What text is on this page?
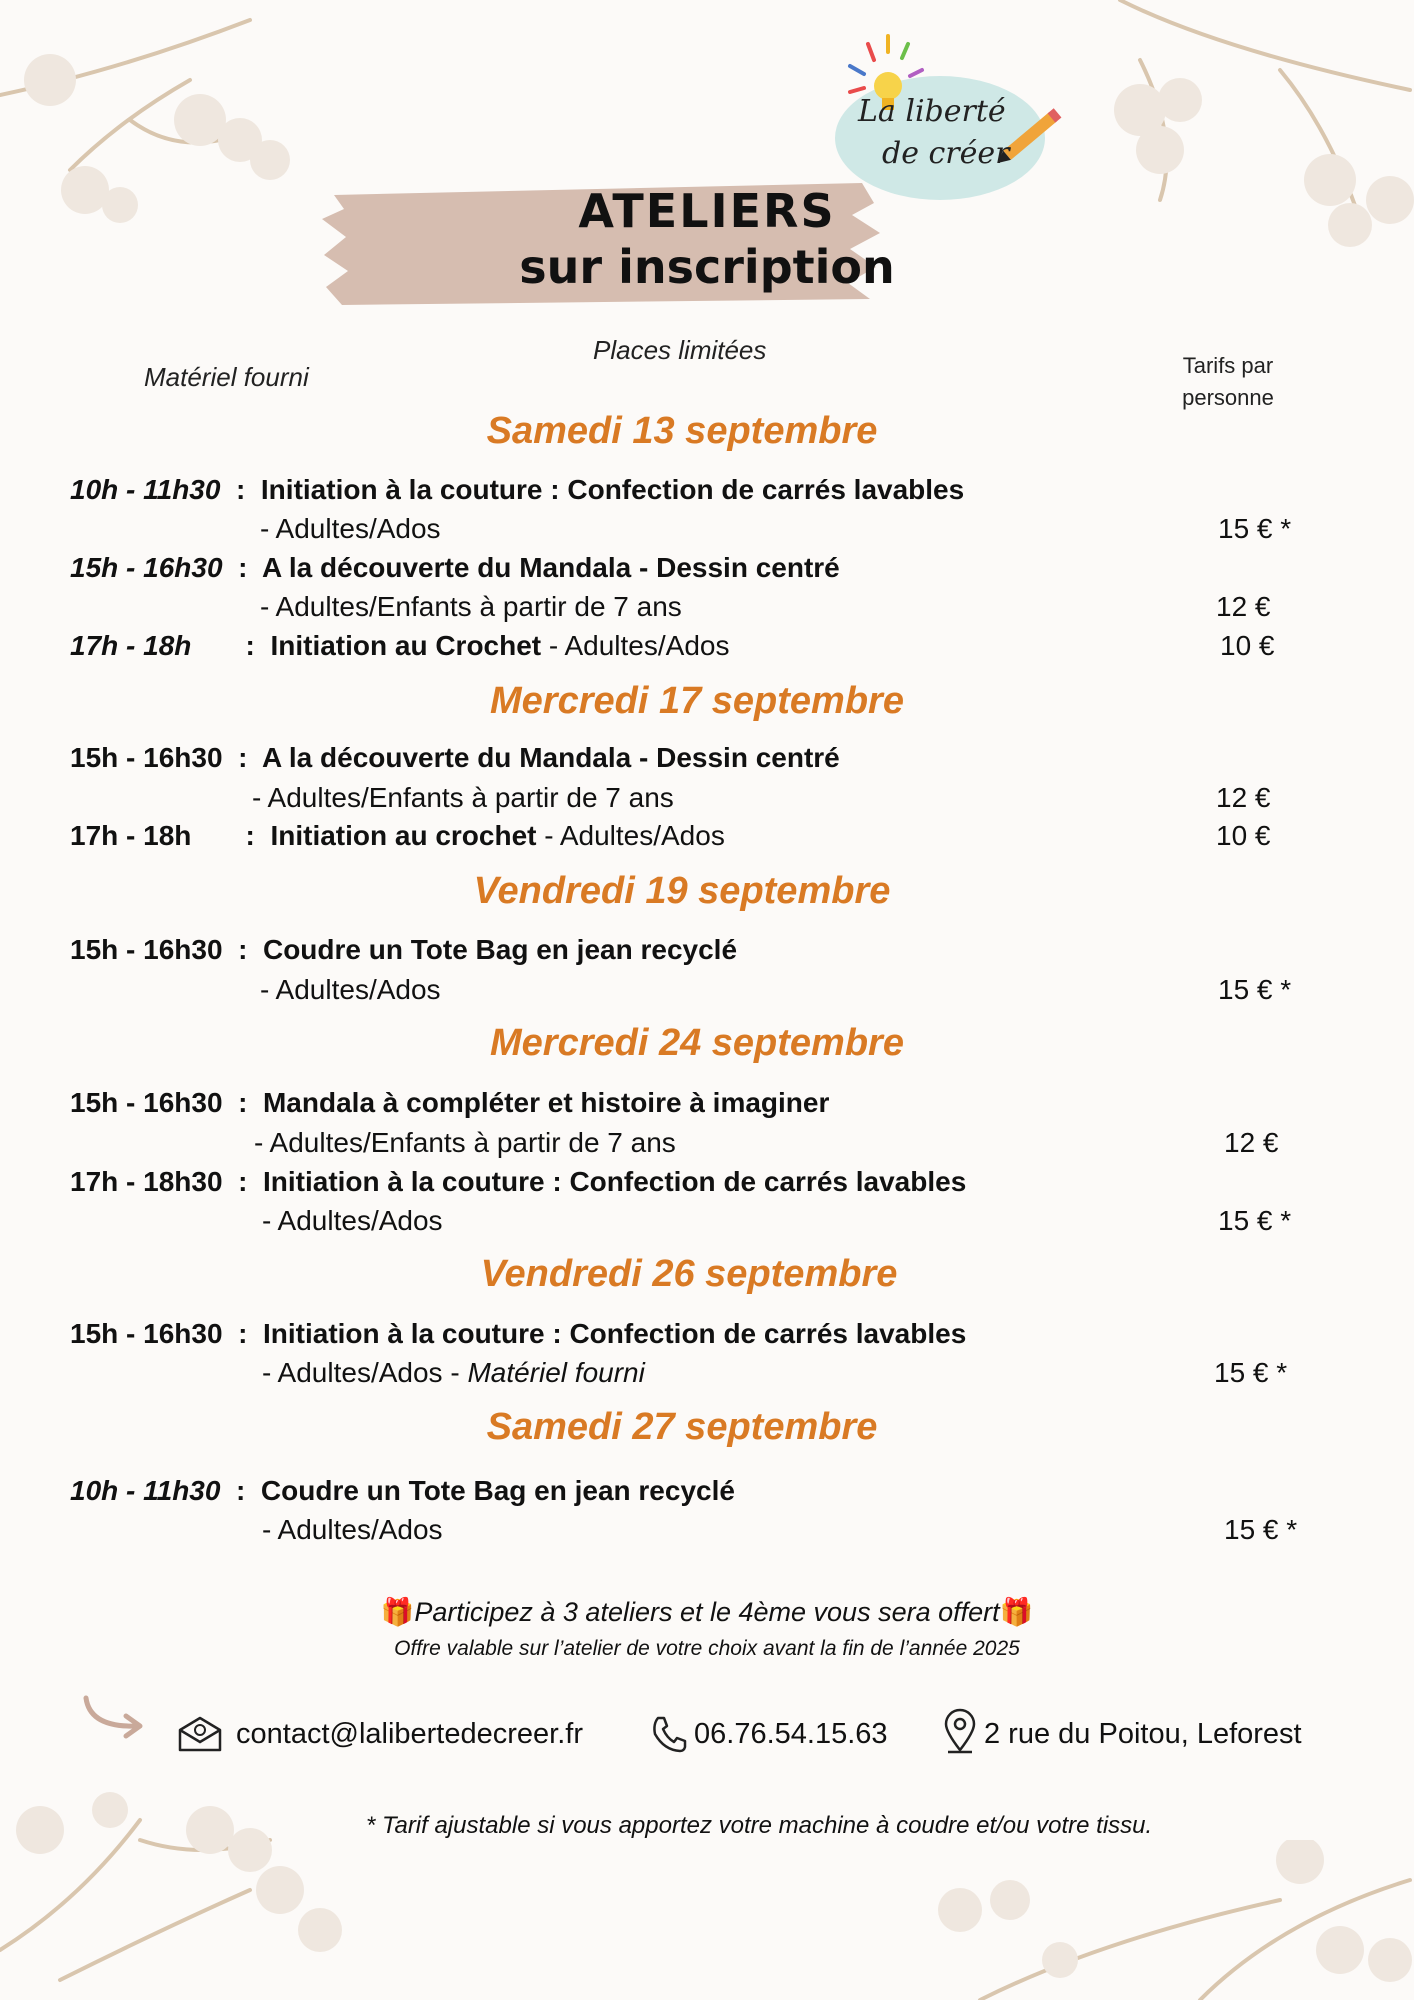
La liberté
de créer
ATELIERS
sur inscription
Matériel fourni
Places limitées
Tarifs par
personne
Samedi 13 septembre
10h - 11h30  :  Initiation à la couture : Confection de carrés lavables
- Adultes/Ados	15 € *
15h - 16h30  :  A la découverte du Mandala - Dessin centré
- Adultes/Enfants à partir de 7 ans	12 €
17h - 18h  :  Initiation au Crochet - Adultes/Ados	10 €
Mercredi 17 septembre
15h - 16h30  :  A la découverte du Mandala - Dessin centré
- Adultes/Enfants à partir de 7 ans	12 €
17h - 18h  :  Initiation au crochet - Adultes/Ados	10 €
Vendredi 19 septembre
15h - 16h30  :  Coudre un Tote Bag en jean recyclé
- Adultes/Ados	15 € *
Mercredi 24 septembre
15h - 16h30  :  Mandala à compléter et histoire à imaginer
- Adultes/Enfants à partir de 7 ans	12 €
17h - 18h30  :  Initiation à la couture : Confection de carrés lavables
- Adultes/Ados	15 € *
Vendredi 26 septembre
15h - 16h30  :  Initiation à la couture : Confection de carrés lavables
- Adultes/Ados - Matériel fourni	15 € *
Samedi 27 septembre
10h - 11h30  :  Coudre un Tote Bag en jean recyclé
- Adultes/Ados	15 € *
🎁Participez à 3 ateliers et le 4ème vous sera offert🎁
Offre valable sur l’atelier de votre choix avant la fin de l’année 2025
contact@lalibertedecreer.fr	06.76.54.15.63	2 rue du Poitou, Leforest
* Tarif ajustable si vous apportez votre machine à coudre et/ou votre tissu.
